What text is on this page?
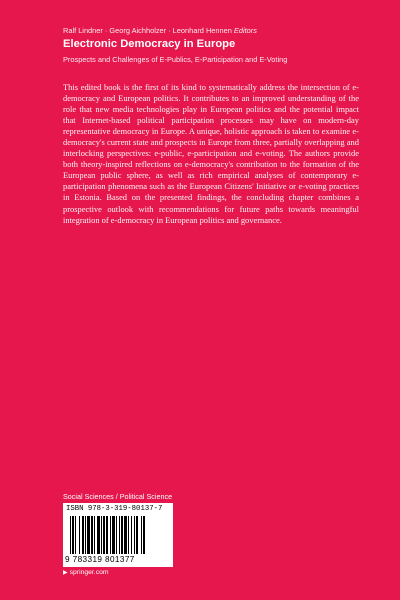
Ralf Lindner · Georg Aichholzer · Leonhard Hennen Editors
Electronic Democracy in Europe
Prospects and Challenges of E-Publics, E-Participation and E-Voting

This edited book is the first of its kind to systematically address the intersection of e-democracy and European politics. It contributes to an improved understanding of the role that new media technologies play in European politics and the potential impact that Internet-based political participation processes may have on modern-day representative democracy in Europe. A unique, holistic approach is taken to examine e-democracy's current state and prospects in Europe from three, partially overlapping and interlocking perspectives: e-public, e-participation and e-voting. The authors provide both theory-inspired reflections on e-democracy's contribution to the formation of the European public sphere, as well as rich empirical analyses of contemporary e-participation phenomena such as the European Citizens' Initiative or e-voting practices in Estonia. Based on the presented findings, the concluding chapter combines a prospective outlook with recommendations for future paths towards meaningful integration of e-democracy in European politics and governance.

Social Sciences / Political Science
ISBN 978-3-319-80137-7
9 783319 801377
▶ springer.com
